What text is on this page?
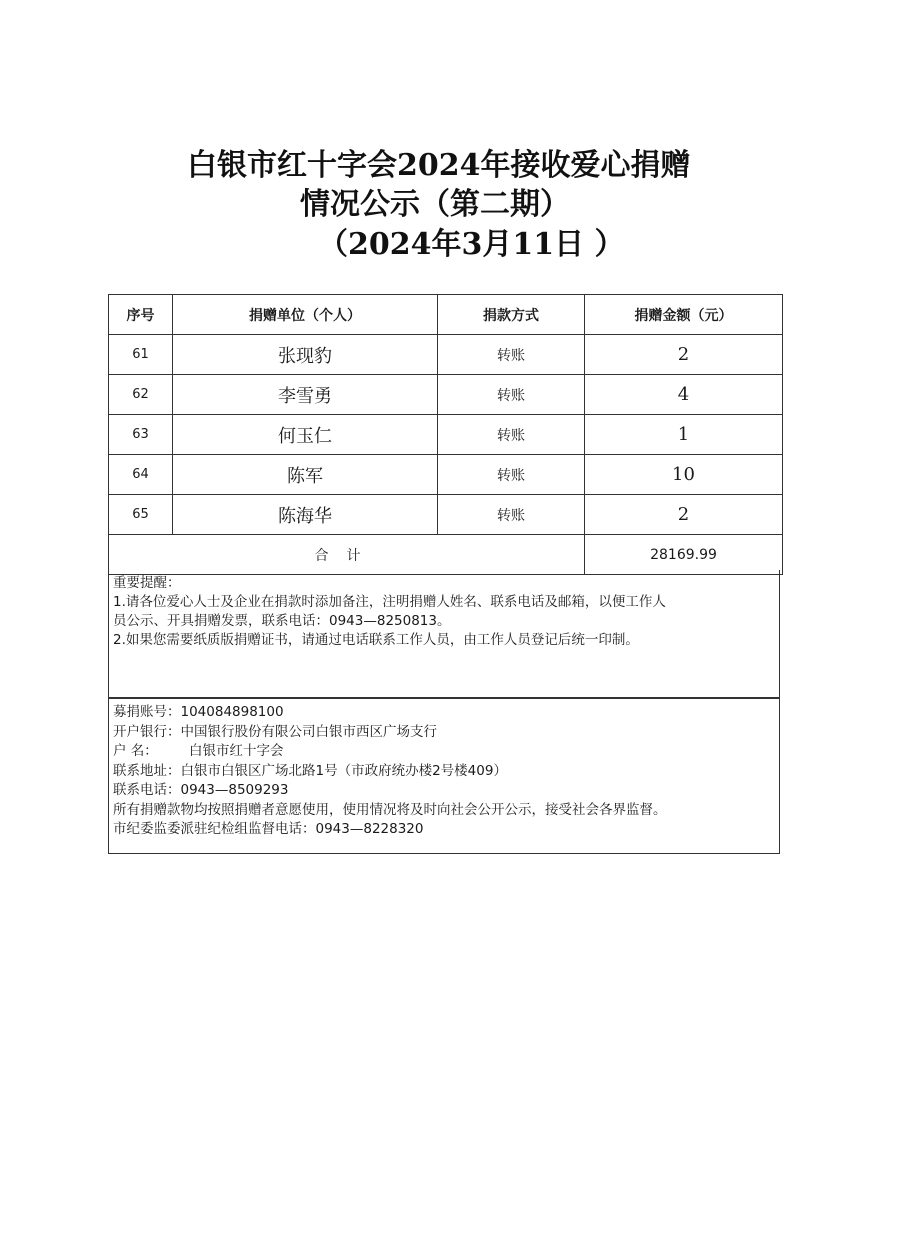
白银市红十字会2024年接收爱心捐赠
情况公示（第二期）
（2024年3月11日 ）
序号	捐赠单位（个人）	捐款方式	捐赠金额（元）
61	张现豹	转账	2
62	李雪勇	转账	4
63	何玉仁	转账	1
64	陈军	转账	10
65	陈海华	转账	2
合计			28169.99
重要提醒：
1.请各位爱心人士及企业在捐款时添加备注，注明捐赠人姓名、联系电话及邮箱，以便工作人
员公示、开具捐赠发票，联系电话：0943—8250813。
2.如果您需要纸质版捐赠证书，请通过电话联系工作人员，由工作人员登记后统一印制。
募捐账号： 104084898100
开户银行： 中国银行股份有限公司白银市西区广场支行
户 名：	白银市红十字会
联系地址： 白银市白银区广场北路1号（市政府统办楼2号楼409）
联系电话： 0943—8509293
所有捐赠款物均按照捐赠者意愿使用，使用情况将及时向社会公开公示，接受社会各界监督。
市纪委监委派驻纪检组监督电话： 0943—8228320
